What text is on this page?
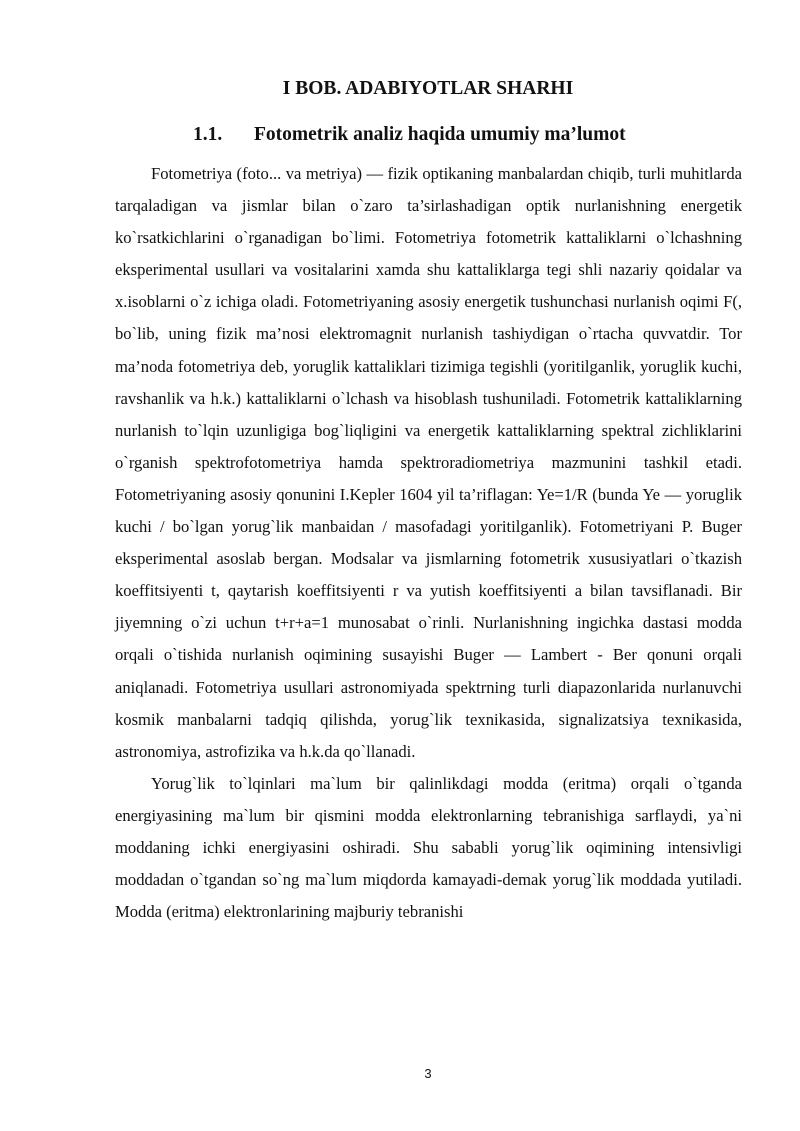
I BOB. ADABIYOTLAR SHARHI
1.1. Fotometrik analiz haqida umumiy ma’lumot

Fotometriya (foto... va metriya) — fizik optikaning manbalardan chiqib, turli muhitlarda tarqaladigan va jismlar bilan o`zaro ta’sirlashadigan optik nurlanishning energetik ko`rsatkichlarini o`rganadigan bo`limi. Fotometriya fotometrik kattaliklarni o`lchashning eksperimental usullari va vositalarini xamda shu kattaliklarga tegi shli nazariy qoidalar va x.isoblarni o`z ichiga oladi. Fotometriyaning asosiy energetik tushunchasi nurlanish oqimi F(, bo`lib, uning fizik ma’nosi elektromagnit nurlanish tashiydigan o`rtacha quvvatdir. Tor ma’noda fotometriya deb, yoruglik kattaliklari tizimiga tegishli (yoritilganlik, yoruglik kuchi, ravshanlik va h.k.) kattaliklarni o`lchash va hisoblash tushuniladi. Fotometrik kattaliklarning nurlanish to`lqin uzunligiga bog`liqligini va energetik kattaliklarning spektral zichliklarini o`rganish spektrofotometriya hamda spektroradiometriya mazmunini tashkil etadi. Fotometriyaning asosiy qonunini I.Kepler 1604 yil ta’riflagan: Ye=1/R (bunda Ye — yoruglik kuchi / bo`lgan yorug`lik manbaidan / masofadagi yoritilganlik). Fotometriyani P. Buger eksperimental asoslab bergan. Modsalar va jismlarning fotometrik xususiyatlari o`tkazish koeffitsiyenti t, qaytarish koeffitsiyenti r va yutish koeffitsiyenti a bilan tavsiflanadi. Bir jiyemning o`zi uchun t+r+a=1 munosabat o`rinli. Nurlanishning ingichka dastasi modda orqali o`tishida nurlanish oqimining susayishi Buger — Lambert - Ber qonuni orqali aniqlanadi. Fotometriya usullari astronomiyada spektrning turli diapazonlarida nurlanuvchi kosmik manbalarni tadqiq qilishda, yorug`lik texnikasida, signalizatsiya texnikasida, astronomiya, astrofizika va h.k.da qo`llanadi.

Yorug`lik to`lqinlari ma`lum bir qalinlikdagi modda (eritma) orqali o`tganda energiyasining ma`lum bir qismini modda elektronlarning tebranishiga sarflaydi, ya`ni moddaning ichki energiyasini oshiradi. Shu sababli yorug`lik oqimining intensivligi moddadan o`tgandan so`ng ma`lum miqdorda kamayadi-demak yorug`lik moddada yutiladi. Modda (eritma) elektronlarining majburiy tebranishi

3
